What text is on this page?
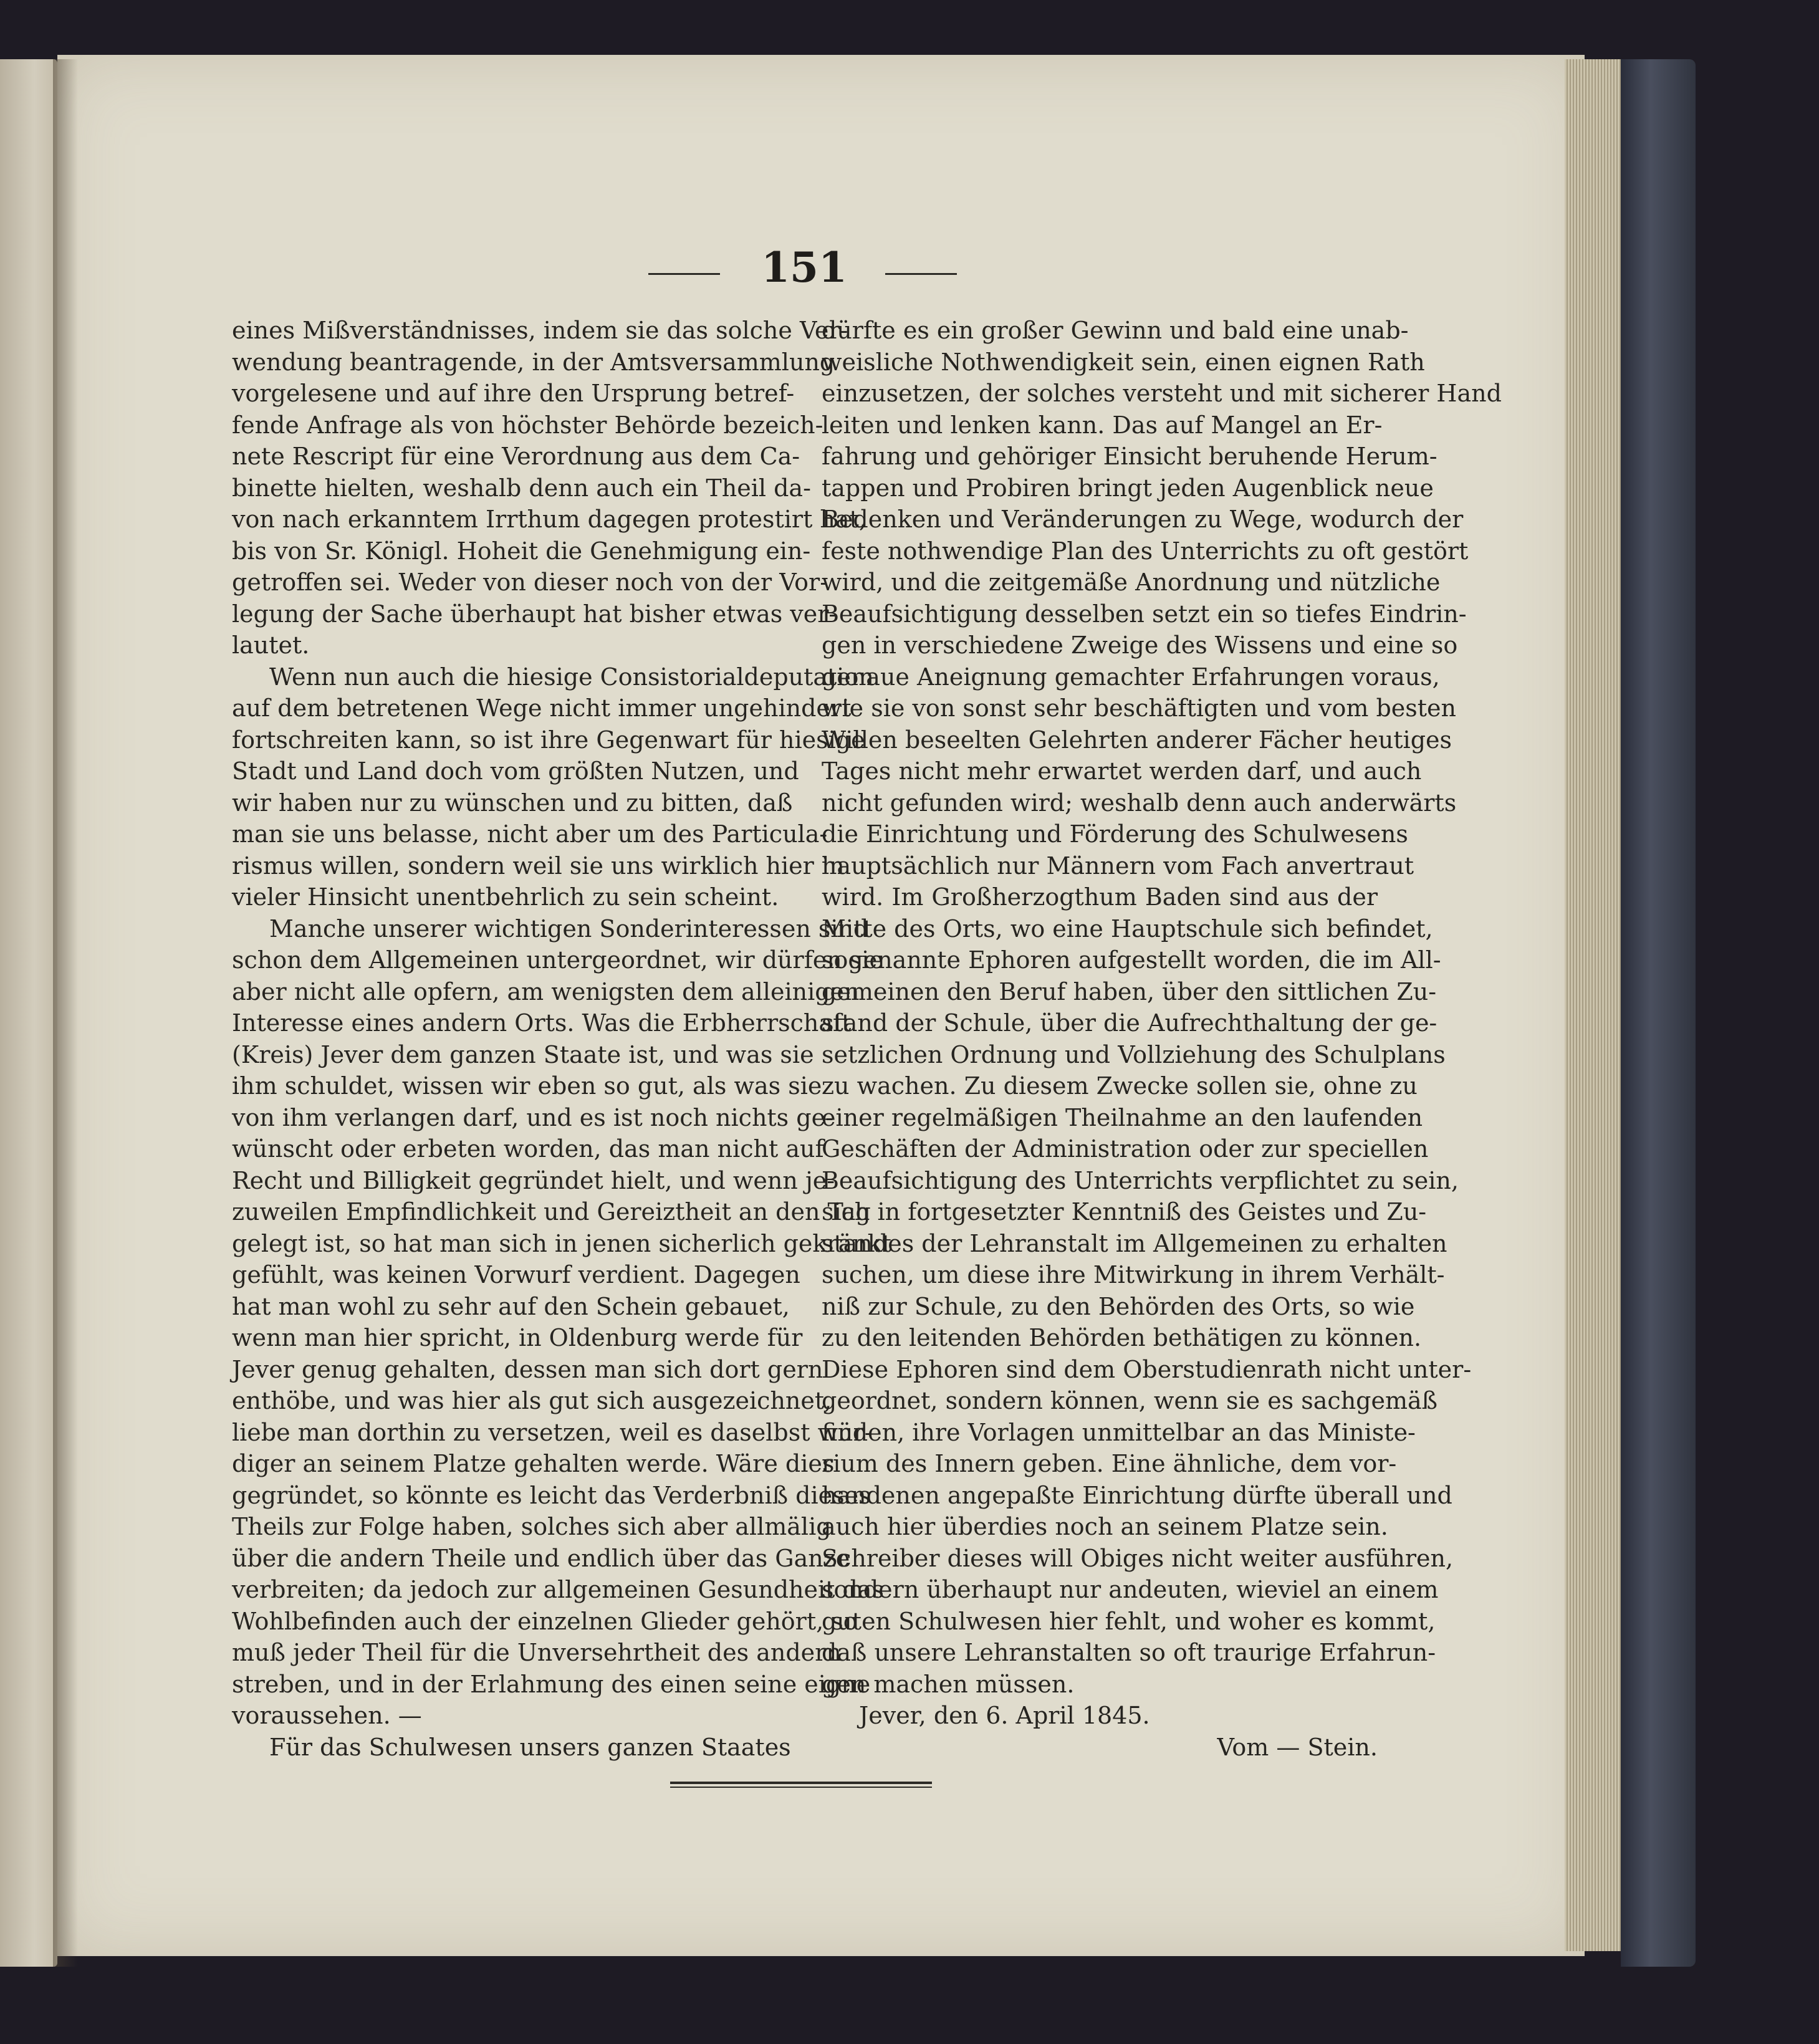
151
eines Mißverständnisses, indem sie das solche Ver-
wendung beantragende, in der Amtsversammlung
vorgelesene und auf ihre den Ursprung betref-
fende Anfrage als von höchster Behörde bezeich-
nete Rescript für eine Verordnung aus dem Ca-
binette hielten, weshalb denn auch ein Theil da-
von nach erkanntem Irrthum dagegen protestirt hat,
bis von Sr. Königl. Hoheit die Genehmigung ein-
getroffen sei. Weder von dieser noch von der Vor-
legung der Sache überhaupt hat bisher etwas ver-
lautet.
Wenn nun auch die hiesige Consistorialdeputation
auf dem betretenen Wege nicht immer ungehindert
fortschreiten kann, so ist ihre Gegenwart für hiesige
Stadt und Land doch vom größten Nutzen, und
wir haben nur zu wünschen und zu bitten, daß
man sie uns belasse, nicht aber um des Particula-
rismus willen, sondern weil sie uns wirklich hier in
vieler Hinsicht unentbehrlich zu sein scheint.
Manche unserer wichtigen Sonderinteressen sind
schon dem Allgemeinen untergeordnet, wir dürfen sie
aber nicht alle opfern, am wenigsten dem alleinigen
Interesse eines andern Orts. Was die Erbherrschaft
(Kreis) Jever dem ganzen Staate ist, und was sie
ihm schuldet, wissen wir eben so gut, als was sie
von ihm verlangen darf, und es ist noch nichts ge-
wünscht oder erbeten worden, das man nicht auf
Recht und Billigkeit gegründet hielt, und wenn je-
zuweilen Empfindlichkeit und Gereiztheit an den Tag
gelegt ist, so hat man sich in jenen sicherlich gekränkt
gefühlt, was keinen Vorwurf verdient. Dagegen
hat man wohl zu sehr auf den Schein gebauet,
wenn man hier spricht, in Oldenburg werde für
Jever genug gehalten, dessen man sich dort gern
enthöbe, und was hier als gut sich ausgezeichnet,
liebe man dorthin zu versetzen, weil es daselbst wür-
diger an seinem Platze gehalten werde. Wäre dies
gegründet, so könnte es leicht das Verderbniß dieses
Theils zur Folge haben, solches sich aber allmälig
über die andern Theile und endlich über das Ganze
verbreiten; da jedoch zur allgemeinen Gesundheit das
Wohlbefinden auch der einzelnen Glieder gehört, so
muß jeder Theil für die Unversehrtheit des andern
streben, und in der Erlahmung des einen seine eigne
voraussehen. —
Für das Schulwesen unsers ganzen Staates
dürfte es ein großer Gewinn und bald eine unab-
weisliche Nothwendigkeit sein, einen eignen Rath
einzusetzen, der solches versteht und mit sicherer Hand
leiten und lenken kann. Das auf Mangel an Er-
fahrung und gehöriger Einsicht beruhende Herum-
tappen und Probiren bringt jeden Augenblick neue
Bedenken und Veränderungen zu Wege, wodurch der
feste nothwendige Plan des Unterrichts zu oft gestört
wird, und die zeitgemäße Anordnung und nützliche
Beaufsichtigung desselben setzt ein so tiefes Eindrin-
gen in verschiedene Zweige des Wissens und eine so
genaue Aneignung gemachter Erfahrungen voraus,
wie sie von sonst sehr beschäftigten und vom besten
Willen beseelten Gelehrten anderer Fächer heutiges
Tages nicht mehr erwartet werden darf, und auch
nicht gefunden wird; weshalb denn auch anderwärts
die Einrichtung und Förderung des Schulwesens
hauptsächlich nur Männern vom Fach anvertraut
wird. Im Großherzogthum Baden sind aus der
Mitte des Orts, wo eine Hauptschule sich befindet,
sogenannte Ephoren aufgestellt worden, die im All-
gemeinen den Beruf haben, über den sittlichen Zu-
stand der Schule, über die Aufrechthaltung der ge-
setzlichen Ordnung und Vollziehung des Schulplans
zu wachen. Zu diesem Zwecke sollen sie, ohne zu
einer regelmäßigen Theilnahme an den laufenden
Geschäften der Administration oder zur speciellen
Beaufsichtigung des Unterrichts verpflichtet zu sein,
sich in fortgesetzter Kenntniß des Geistes und Zu-
standes der Lehranstalt im Allgemeinen zu erhalten
suchen, um diese ihre Mitwirkung in ihrem Verhält-
niß zur Schule, zu den Behörden des Orts, so wie
zu den leitenden Behörden bethätigen zu können.
Diese Ephoren sind dem Oberstudienrath nicht unter-
geordnet, sondern können, wenn sie es sachgemäß
finden, ihre Vorlagen unmittelbar an das Ministe-
rium des Innern geben. Eine ähnliche, dem vor-
handenen angepaßte Einrichtung dürfte überall und
auch hier überdies noch an seinem Platze sein.
Schreiber dieses will Obiges nicht weiter ausführen,
sondern überhaupt nur andeuten, wieviel an einem
guten Schulwesen hier fehlt, und woher es kommt,
daß unsere Lehranstalten so oft traurige Erfahrun-
gen machen müssen.
Jever, den 6. April 1845.
Vom — Stein.
